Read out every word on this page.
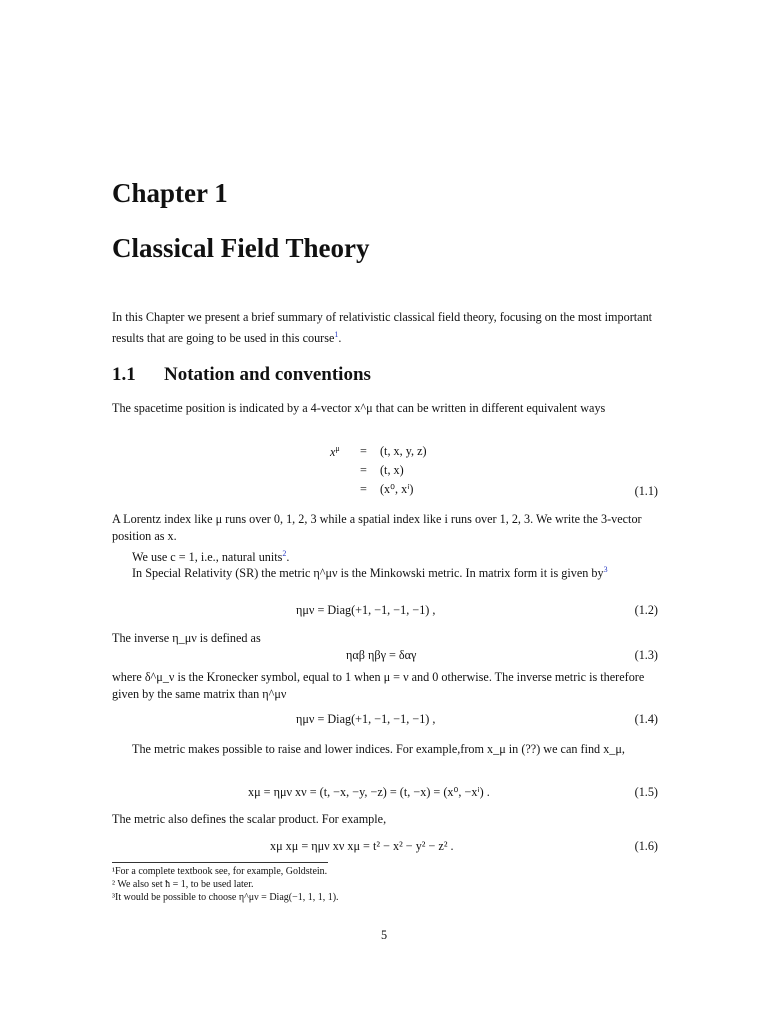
Chapter 1
Classical Field Theory
In this Chapter we present a brief summary of relativistic classical field theory, focusing on the most important results that are going to be used in this course$^1$.
1.1 Notation and conventions
The spacetime position is indicated by a 4-vector x^μ that can be written in different equivalent ways
$x^\mu = (t$, x, y, z)
= (t, x)
= (x⁰, xⁱ)	(1.1)
A Lorentz index like μ runs over 0, 1, 2, 3 while a spatial index like i runs over 1, 2, 3. We write the 3-vector position as x.
We use c = 1, i.e., natural units$^2$.
In Special Relativity (SR) the metric η^μν is the Minkowski metric. In matrix form it is given by$^3$
ημν = Diag(+1, −1, −1, −1) ,	(1.2)
The inverse η_μν is defined as
ηαβ ηβγ = δαγ	(1.3)
where δ^μ_ν is the Kronecker symbol, equal to 1 when μ = ν and 0 otherwise. The inverse metric is therefore given by the same matrix than η^μν
ημν = Diag(+1, −1, −1, −1) ,	(1.4)
The metric makes possible to raise and lower indices. For example,from x_μ in (??) we can find x_μ,
xμ = ημν xν = (t, −x, −y, −z) = (t, −x) = (x⁰, −xⁱ) .	(1.5)
The metric also defines the scalar product. For example,
xμ xμ = ημν xν xμ = t² − x² − y² − z² .	(1.6)
¹For a complete textbook see, for example, Goldstein.
² We also set ħ = 1, to be used later.
³It would be possible to choose η^μν = Diag(−1, 1, 1, 1).
5
